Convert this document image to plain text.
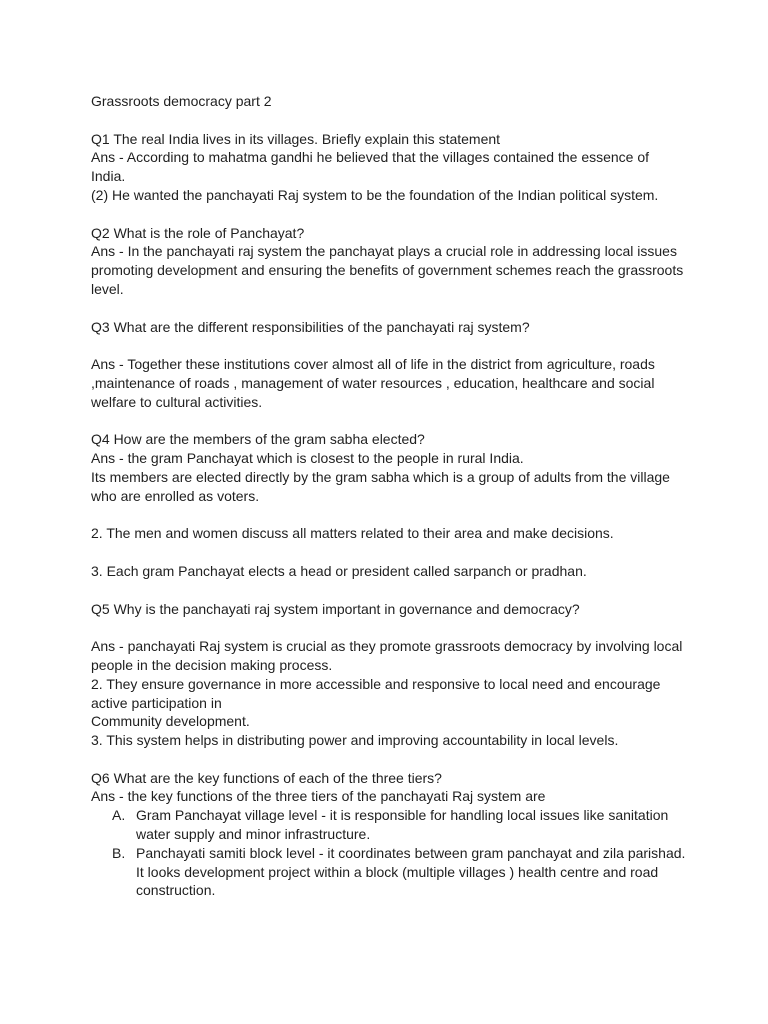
Grassroots democracy part 2

Q1 The real India lives in its villages. Briefly explain this statement

Ans - According to mahatma gandhi he believed that the villages contained the essence of

India.

(2) He wanted the panchayati Raj system to be the foundation of the Indian political system.

Q2 What is the role of Panchayat?

Ans - In the panchayati raj system the panchayat plays a crucial role in addressing local issues

promoting development and ensuring the benefits of government schemes reach the grassroots

level.

Q3 What are the different responsibilities of the panchayati raj system?

Ans - Together these institutions cover almost all of life in the district from agriculture, roads

,maintenance of roads , management of water resources , education, healthcare and social

welfare to cultural activities.

Q4 How are the members of the gram sabha elected?

Ans - the gram Panchayat which is closest to the people in rural India.

Its members are elected directly by the gram sabha which is a group of adults from the village

who are enrolled as voters.

2. The men and women discuss all matters related to their area and make decisions.

3. Each gram Panchayat elects a head or president called sarpanch or pradhan.

Q5 Why is the panchayati raj system important in governance and democracy?

Ans - panchayati Raj system is crucial as they promote grassroots democracy by involving local

people in the decision making process.

2. They ensure governance in more accessible and responsive to local need and encourage

active participation in

Community development.

3. This system helps in distributing power and improving accountability in local levels.

Q6 What are the key functions of each of the three tiers?

Ans - the key functions of the three tiers of the panchayati Raj system are

A. Gram Panchayat village level - it is responsible for handling local issues like sanitation

water supply and minor infrastructure.

B. Panchayati samiti block level - it coordinates between gram panchayat and zila parishad.

It looks development project within a block (multiple villages ) health centre and road

construction.
